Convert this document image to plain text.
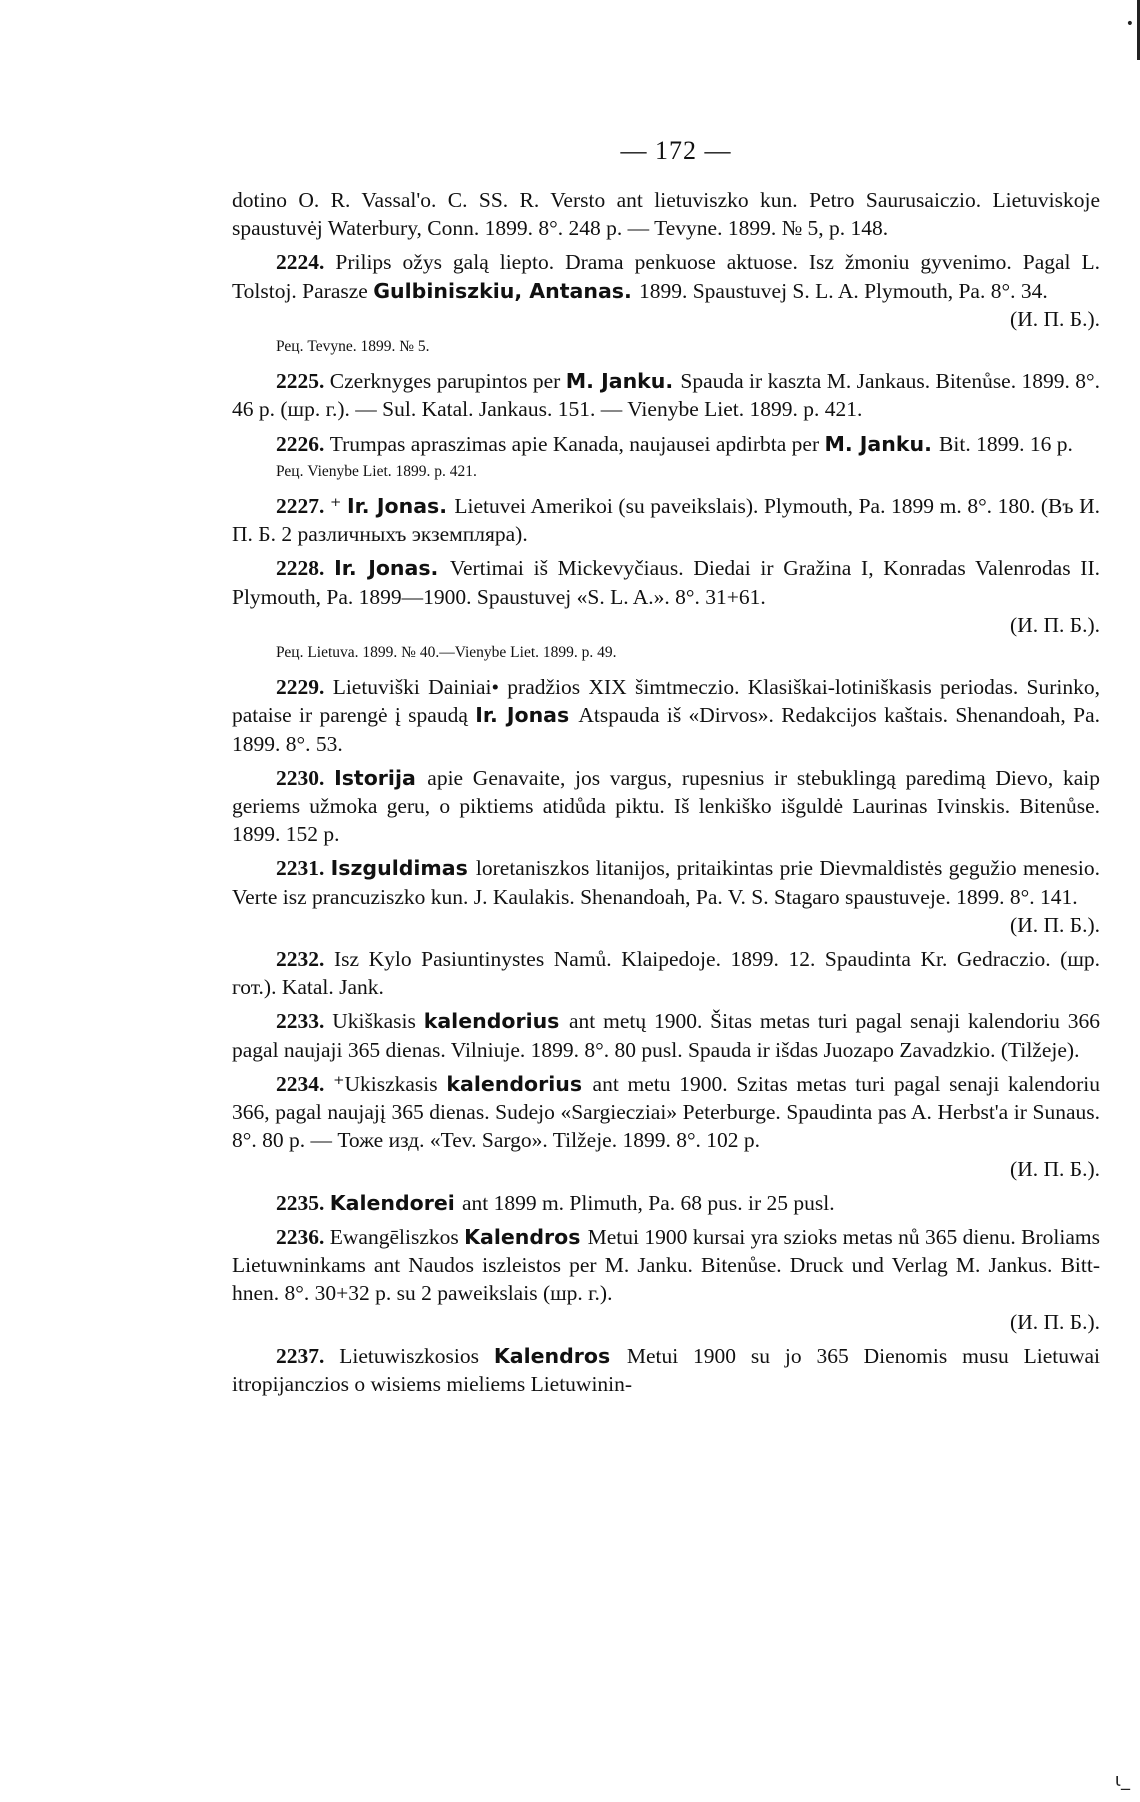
•
ι_
— 172 —
dotino O. R. Vassal'o. C. SS. R. Versto ant lietuviszko kun. Petro Saurusaiczio. Lietuviskoje spaustuvėj Waterbury, Conn. 1899. 8°. 248 p. — Tevyne. 1899. № 5, p. 148.
2224. Prilips ožys galą liepto. Drama penkuose aktuose. Isz žmoniu gyvenimo. Pagal L. Tolstoj. Parasze Gulbiniszkiu, Antanas. 1899. Spaustuvej S. L. A. Plymouth, Pa. 8°. 34.
(И. П. Б.).
Рец. Tevyne. 1899. № 5.
2225. Czerknyges parupintos per M. Janku. Spauda ir kaszta M. Jankaus. Bitenůse. 1899. 8°. 46 p. (шр. г.). — Sul. Katal. Jankaus. 151. — Vienybe Liet. 1899. p. 421.
2226. Trumpas apraszimas apie Kanada, naujausei apdirbta per M. Janku. Bit. 1899. 16 p.
Рец. Vienybe Liet. 1899. p. 421.
2227. ⁺ Ir. Jonas. Lietuvei Amerikoi (su paveikslais). Plymouth, Pa. 1899 m. 8°. 180. (Въ И. П. Б. 2 различныхъ экземпляра).
2228. Ir. Jonas. Vertimai iš Mickevyčiaus. Diedai ir Gražina I, Konradas Valenrodas II. Plymouth, Pa. 1899—1900. Spaustuvej «S. L. A.». 8°. 31+61.
(И. П. Б.).
Рец. Lietuva. 1899. № 40.—Vienybe Liet. 1899. p. 49.
2229. Lietuviški Dainiai• pradžios XIX šimtmeczio. Klasiškai-lotiniškasis periodas. Surinko, pataise ir parengė į spaudą Ir. Jonas Atspauda iš «Dirvos». Redakcijos kaštais. Shenandoah, Pa. 1899. 8°. 53.
2230. Istorija apie Genavaite, jos vargus, rupesnius ir stebuklingą paredimą Dievo, kaip geriems užmoka geru, o piktiems atidůda piktu. Iš lenkiško išguldė Laurinas Ivinskis. Bitenůse. 1899. 152 p.
2231. Iszguldimas loretaniszkos litanijos, pritaikintas prie Dievmaldistės gegužio menesio. Verte isz prancuziszko kun. J. Kaulakis. Shenandoah, Pa. V. S. Stagaro spaustuveje. 1899. 8°. 141.
(И. П. Б.).
2232. Isz Kylo Pasiuntinystes Namů. Klaipedoje. 1899. 12. Spaudinta Kr. Gedraczio. (шр. гот.). Katal. Jank.
2233. Ukiškasis kalendorius ant metų 1900. Šitas metas turi pagal senaji kalendoriu 366 pagal naujaji 365 dienas. Vilniuje. 1899. 8°. 80 pusl. Spauda ir išdas Juozapo Zavadzkio. (Tilžeje).
2234. ⁺Ukiszkasis kalendorius ant metu 1900. Szitas metas turi pagal senaji kalendoriu 366, pagal naujajį 365 dienas. Sudejo «Sargiecziai» Peterburge. Spaudinta pas A. Herbst'a ir Sunaus. 8°. 80 p. — Тоже изд. «Tev. Sargo». Tilžeje. 1899. 8°. 102 p.
(И. П. Б.).
2235. Kalendorei ant 1899 m. Plimuth, Pa. 68 pus. ir 25 pusl.
2236. Ewangēliszkos Kalendros Metui 1900 kursai yra szioks metas nů 365 dienu. Broliams Lietuwninkams ant Naudos iszleistos per M. Janku. Bitenůse. Druck und Verlag M. Jankus. Bitt-hnen. 8°. 30+32 p. su 2 paweikslais (шр. г.).
(И. П. Б.).
2237. Lietuwiszkosios Kalendros Metui 1900 su jo 365 Dienomis musu Lietuwai itropijanczios o wisiems mieliems Lietuwinin-
